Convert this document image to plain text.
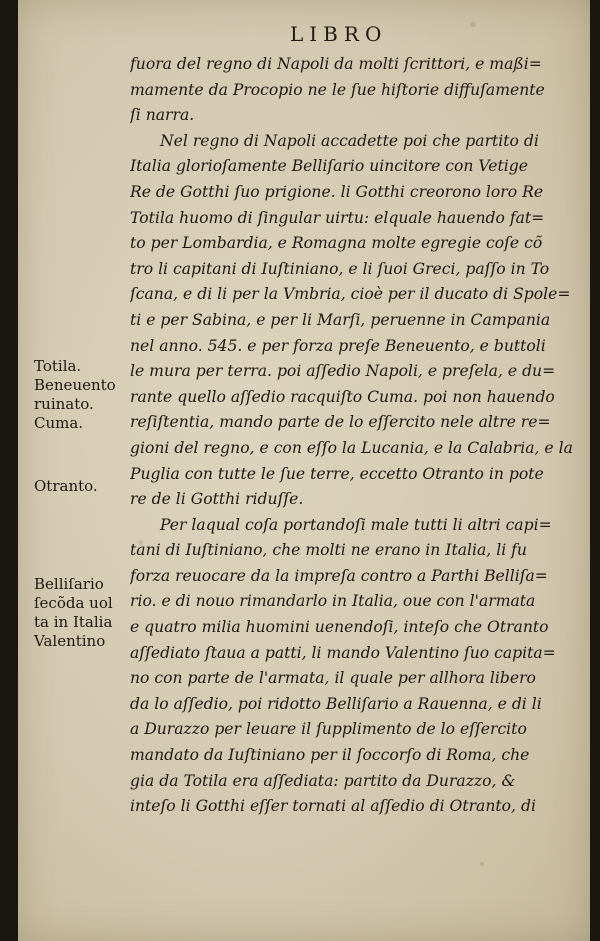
LIBRO
fuora del regno di Napoli da molti ſcrittori, e maßi=
mamente da Procopio ne le ſue hiſtorie diffuſamente
ſi narra.
Nel regno di Napoli accadette poi che partito di
Italia glorioſamente Belliſario uincitore con Vetige
Re de Gotthi ſuo prigione. li Gotthi creorono loro Re
Totila huomo di ſingular uirtu: elquale hauendo fat=
to per Lombardia, e Romagna molte egregie coſe cõ
tro li capitani di Iuſtiniano, e li ſuoi Greci, paſſo in To
ſcana, e di li per la Vmbria, cioè per il ducato di Spole=
ti e per Sabina, e per li Marſi, peruenne in Campania
nel anno. 545. e per forza preſe Beneuento, e buttoli
le mura per terra. poi aſſedio Napoli, e preſela, e du=
rante quello aſſedio racquiſto Cuma. poi non hauendo
reſiſtentia, mando parte de lo eſſercito nele altre re=
gioni del regno, e con eſſo la Lucania, e la Calabria, e la
Puglia con tutte le ſue terre, eccetto Otranto in pote
re de li Gotthi riduſſe.
Per laqual coſa portandoſi male tutti li altri capi=
tani di Iuſtiniano, che molti ne erano in Italia, li fu
forza reuocare da la impreſa contro a Parthi Belliſa=
rio. e di nouo rimandarlo in Italia, oue con l'armata
e quatro milia huomini uenendoſi, inteſo che Otranto
aſſediato ſtaua a patti, li mando Valentino ſuo capita=
no con parte de l'armata, il quale per allhora libero
da lo aſſedio, poi ridotto Belliſario a Rauenna, e di li
a Durazzo per leuare il ſupplimento de lo eſſercito
mandato da Iuſtiniano per il ſoccorſo di Roma, che
gia da Totila era aſſediata: partito da Durazzo, &
inteſo li Gotthi eſſer tornati al aſſedio di Otranto, di
Totila.
Beneuento
ruinato.
Cuma.
Otranto.
Belliſario
ſecõda uol
ta in Italia
Valentino
